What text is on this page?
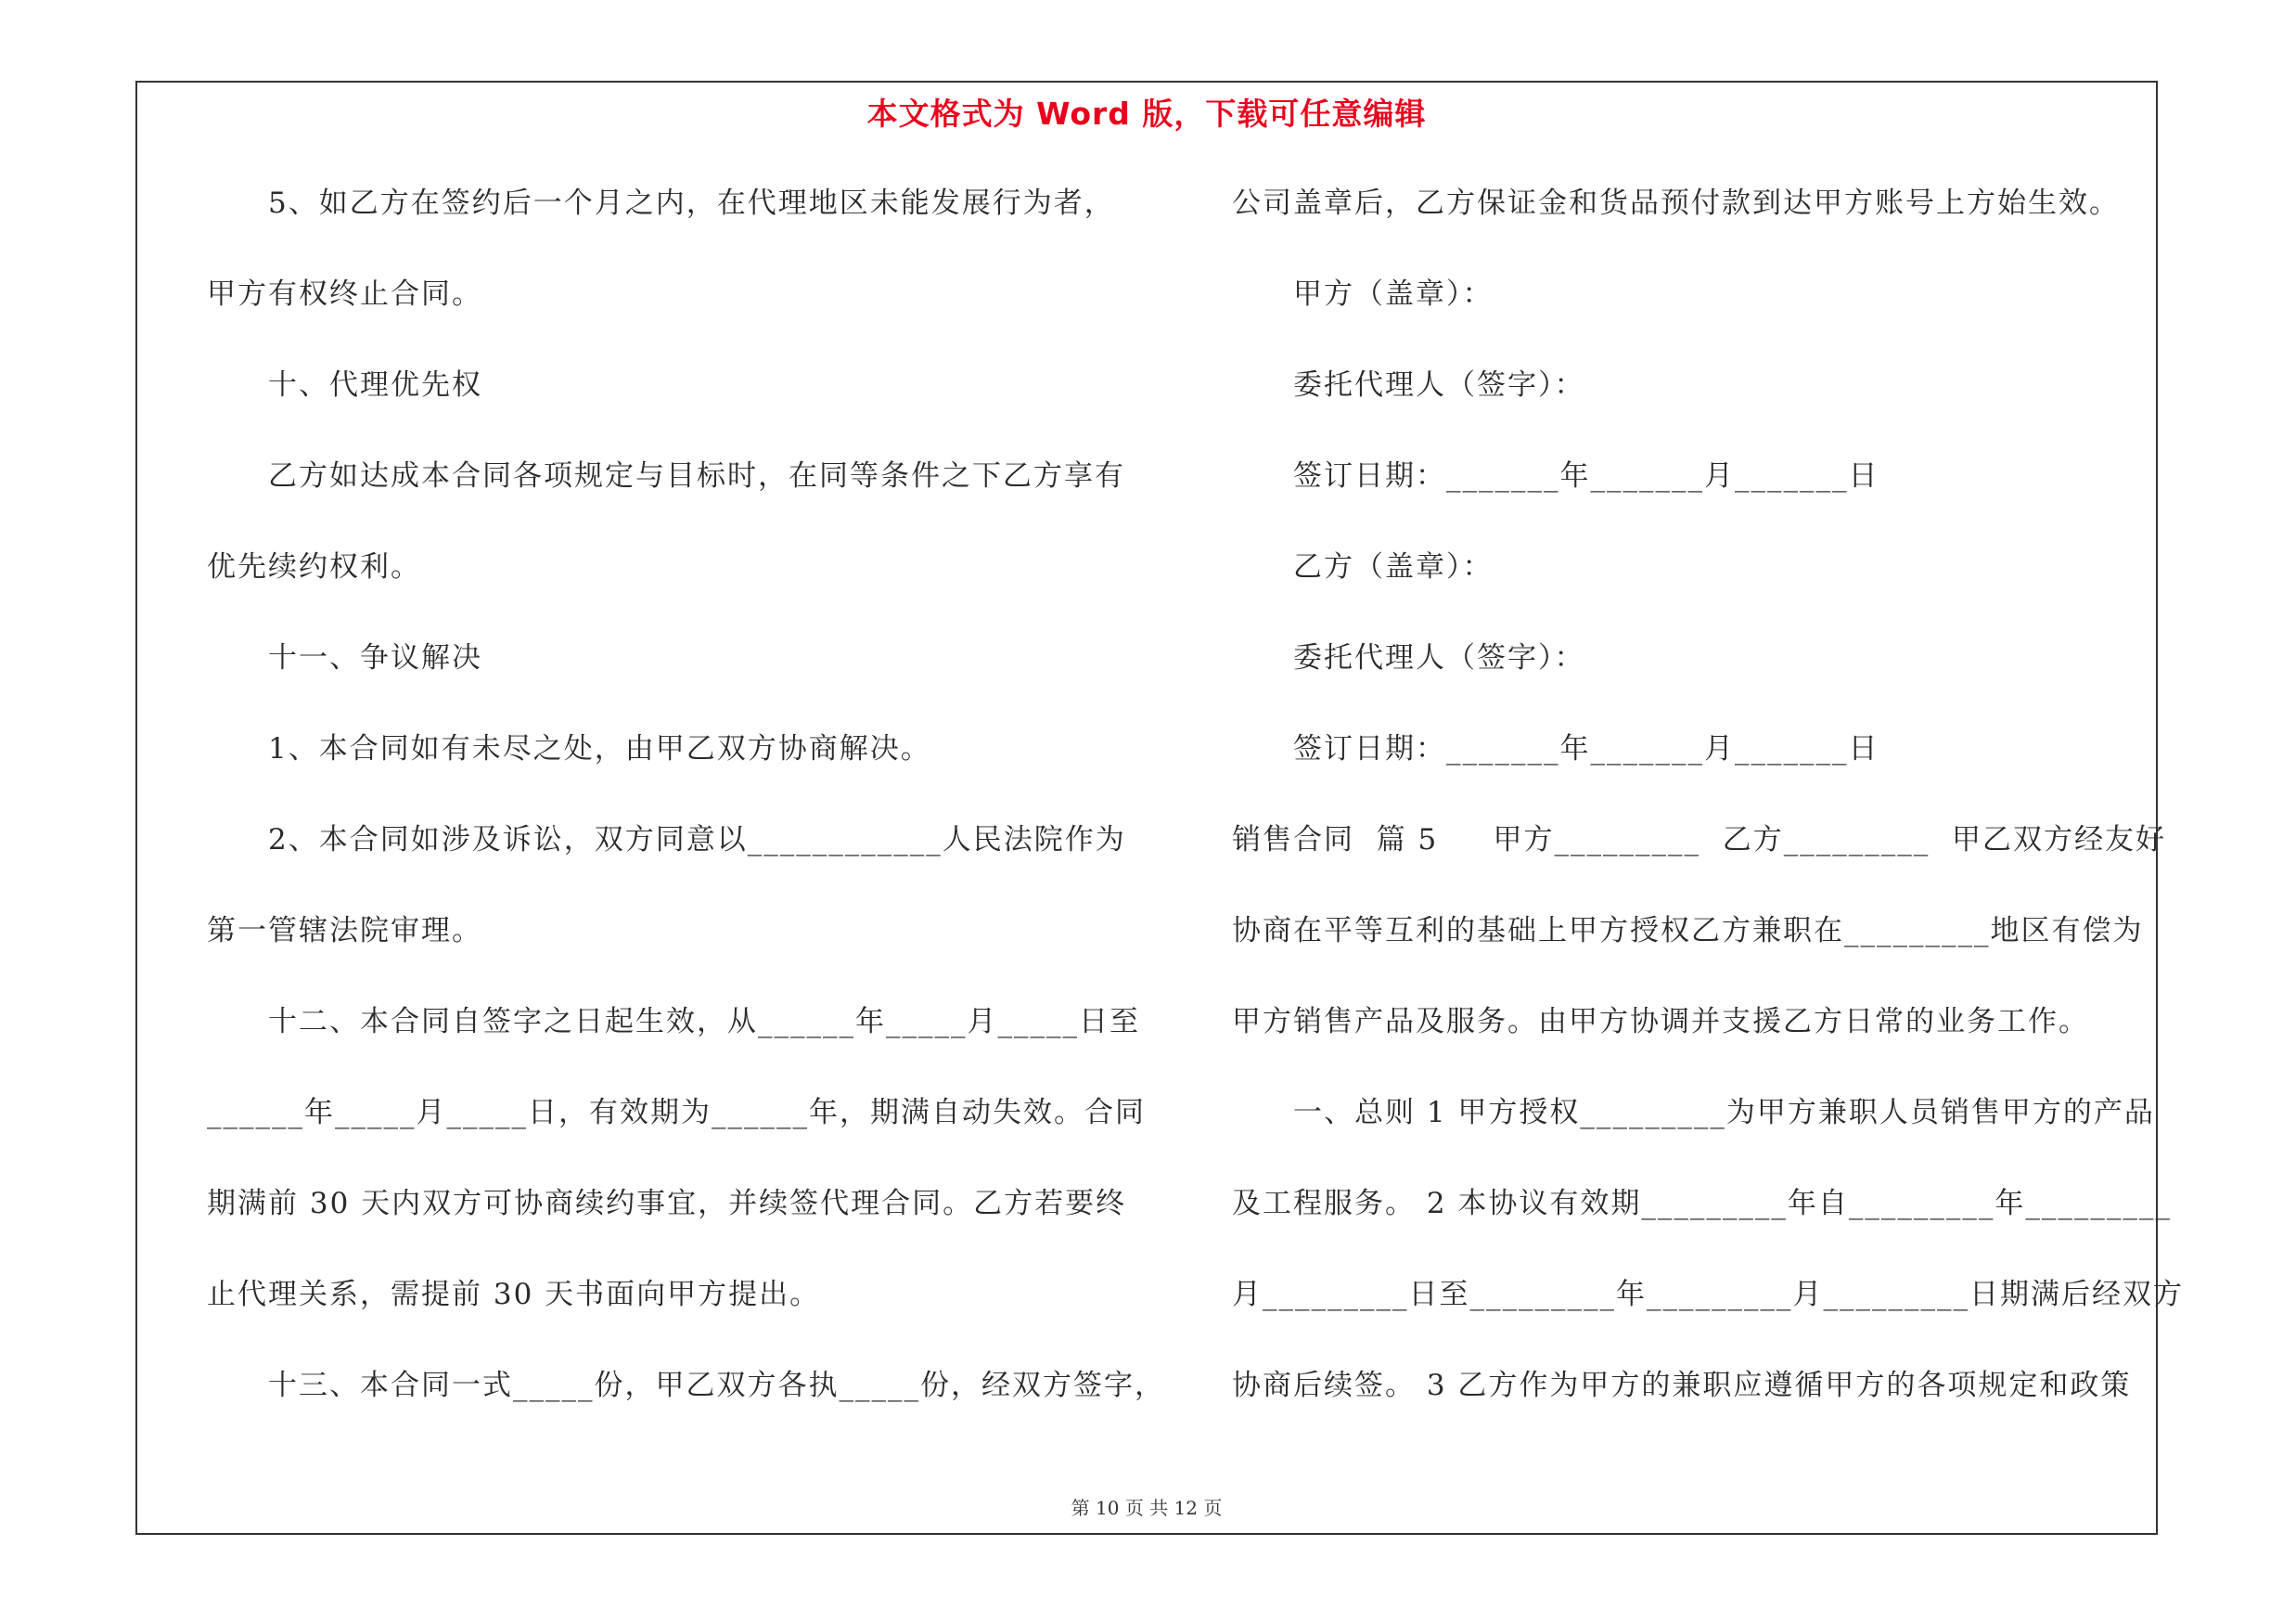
本文格式为 Word 版，下载可任意编辑
5、如乙方在签约后一个月之内，在代理地区未能发展行为者，
甲方有权终止合同。
十、代理优先权
乙方如达成本合同各项规定与目标时，在同等条件之下乙方享有
优先续约权利。
十一、争议解决
1、本合同如有未尽之处，由甲乙双方协商解决。
2、本合同如涉及诉讼，双方同意以____________人民法院作为
第一管辖法院审理。
十二、本合同自签字之日起生效，从______年_____月_____日至
______年_____月_____日，有效期为______年，期满自动失效。合同
期满前 30 天内双方可协商续约事宜，并续签代理合同。乙方若要终
止代理关系，需提前 30 天书面向甲方提出。
十三、本合同一式_____份，甲乙双方各执_____份，经双方签字，
公司盖章后，乙方保证金和货品预付款到达甲方账号上方始生效。
甲方（盖章）：
委托代理人（签字）：
签订日期：_______年_______月_______日
乙方（盖章）：
委托代理人（签字）：
签订日期：_______年_______月_______日
销售合同  篇 5     甲方_________  乙方_________  甲乙双方经友好
协商在平等互利的基础上甲方授权乙方兼职在_________地区有偿为
甲方销售产品及服务。由甲方协调并支援乙方日常的业务工作。
一、总则 1 甲方授权_________为甲方兼职人员销售甲方的产品
及工程服务。 2 本协议有效期_________年自_________年_________
月_________日至_________年_________月_________日期满后经双方
协商后续签。 3 乙方作为甲方的兼职应遵循甲方的各项规定和政策
第 10 页 共 12 页
